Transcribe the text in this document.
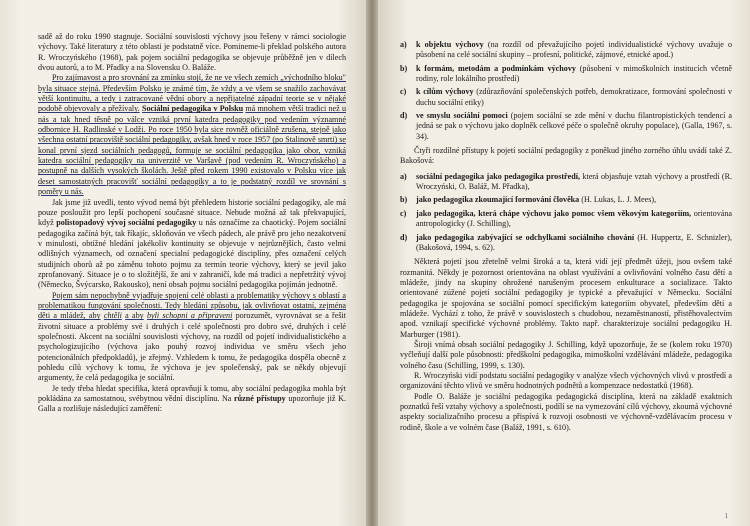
sadě až do roku 1990 stagnuje. Sociální souvislosti výchovy jsou řešeny v rámci sociologie výchovy. Také literatury z této oblasti je podstatně více. Pomineme-li překlad polského autora R. Wroczyńského (1968), pak pojem sociální pedagogika se objevuje průběžně jen v dílech dvou autorů, a to M. Přadky a na Slovensku O. Baláže.

Pro zajímavost a pro srovnání za zmínku stojí, že ne ve všech zemích „východního bloku" byla situace stejná. Především Polsko je známé tím, že vždy a ve všem se snažilo zachovávat větší kontinuitu, a tedy i zatracované vědní obory a nepřijatelné západní teorie se v nějaké podobě objevovaly a přežívaly. Sociální pedagogika v Polsku má mnohem větší tradici než u nás a tak hned těsně po válce vzniká první katedra pedagogiky pod vedením významné odbornice H. Radlinské v Lodži. Po roce 1950 byla sice rovněž oficiálně zrušena, stejně jako všechna ostatní pracoviště sociální pedagogiky, avšak hned v roce 1957 (po Stalinově smrti) se konal první sjezd sociálních pedagogů, formuje se sociální pedagogika jako obor, vzniká katedra sociální pedagogiky na univerzitě ve Varšavě (pod vedením R. Wroczyńského) a postupně na dalších vysokých školách. Ještě před rokem 1990 existovalo v Polsku více jak deset samostatných pracovišť sociální pedagogiky a to je podstatný rozdíl ve srovnání s poměry u nás.

Jak jsme již uvedli, tento vývod nemá být přehledem historie sociální pedagogiky, ale má pouze posloužit pro lepší pochopení současné situace. Nebude možná až tak překvapující, když polistopadový vývoj sociální pedagogiky u nás označíme za chaotický. Pojem sociální pedagogika začíná být, tak říkajíc, skloňován ve všech pádech, ale právě pro jeho nezakotvení v minulosti, obtížné hledání jakékoliv kontinuity se objevuje v nejrůznějších, často velmi odlišných významech, od označení specialní pedagogické disciplíny, přes označení celých studijních oborů až po záměnu tohoto pojmu za termín teorie výchovy, který se jevil jako zprofanovaný. Situace je o to složitější, že ani v zahraničí, kde má tradici a nepřetržitý vývoj (Německo, Švýcarsko, Rakousko), není obsah pojmu sociální pedagogika pojímán jednotně.

Pojem sám nepochybně vyjadřuje spojení celé oblasti a problematiky výchovy s oblastí a problematikou fungování společnosti. Tedy hledání způsobu, jak ovlivňovat ostatní, zejména děti a mládež, aby chtěli a aby byli schopni a připraveni porozumět, vyrovnávat se a řešit životní situace a problémy své i druhých i celé společnosti pro dobro své, druhých i celé společnosti. Akcent na sociální souvislosti výchovy, na rozdíl od pojetí individualistického a psychologizujícího (výchova jako pouhý rozvoj individua ve směru všech jeho potencionálních předpokladů), je zřejmý. Vzhledem k tomu, že pedagogika dospěla obecně z pohledu cílů výchovy k tomu, že výchova je jev společenský, pak se někdy objevují argumenty, že celá pedagogika je sociální.

Je tedy třeba hledat specifika, která opravňují k tomu, aby sociální pedagogika mohla být pokládána za samostatnou, svébytnou vědní disciplínu. Na různé přístupy upozorňuje již K. Galla a rozlišuje následující zaměření:

a) k objektu výchovy (na rozdíl od převažujícího pojetí individualistické výchovy uvažuje o působení na celé sociální skupiny – profesní, politické, zájmové, etnické apod.)
b) k formám, metodám a podmínkám výchovy (působení v mimoškolních institucích včetně rodiny, role lokálního prostředí)
c) k cílům výchovy (zdůrazňování společenských potřeb, demokratizace, formování společnosti v duchu sociální etiky)
d) ve smyslu sociální pomoci (pojem sociální se zde mění v duchu filantropistických tendencí a jedná se pak o výchovu jako doplněk celkové péče o společně okruhy populace), (Galla, 1967, s. 34).

Čtyři rozdílné přístupy k pojetí sociální pedagogiky z poněkud jiného zorného úhlu uvádí také Z. Bakošová:

a) sociální pedagogika jako pedagogika prostředí, která objasňuje vztah výchovy a prostředí (R. Wroczyński, O. Baláž, M. Přadka),
b) jako pedagogika zkoumající formování člověka (H. Lukas, L. J. Mees),
c) jako pedagogika, která chápe výchovu jako pomoc všem věkovým kategoriím, orientována antropologicky (J. Schilling),
d) jako pedagogika zabývající se odchylkami sociálního chování (H. Huppertz, E. Schnizler), (Bakošová, 1994, s. 62).

Některá pojetí jsou zřetelně velmi široká a ta, která vidí její předmět úžeji, jsou ovšem také rozmanitá. Někdy je pozornost orientována na oblast využívání a ovlivňování volného času dětí a mládeže, jindy na skupiny ohrožené narušeným procesem enkulturace a socializace. Takto orientované zúžené pojetí sociální pedagogiky je typické a převažující v Německu. Sociální pedagogika je spojována se sociální pomocí specifickým kategoriím obyvatel, především dětí a mládeže. Vychází z toho, že právě v souvislostech s chudobou, nezaměstnaností, přistěhovalectvím apod. vznikají specifické výchovné problémy. Takto např. charakterizuje sociální pedagogiku H. Marburger (1981).

Široji vnímá obsah sociální pedagogiky J. Schilling, když upozorňuje, že se (kolem roku 1970) vyčleňují další pole působnosti: předškolní pedagogika, mimoškolní vzdělávání mládeže, pedagogika volného času (Schilling, 1999, s. 130).

R. Wroczyński vidí podstatu sociální pedagogiky v analýze všech výchovných vlivů v prostředí a organizování těchto vlivů ve směru hodnotných podnětů a kompenzace nedostatků (1968).

Podle O. Baláže je sociální pedagogika pedagogická disciplína, která na základě exaktních poznatků řeší vztahy výchovy a společnosti, podílí se na vymezování cílů výchovy, zkoumá výchovné aspekty socializačního procesu a přispívá k rozvoji osobnosti ve výchovně-vzdělávacím procesu v rodině, škole a ve volném čase (Baláž, 1991, s. 610).

1
